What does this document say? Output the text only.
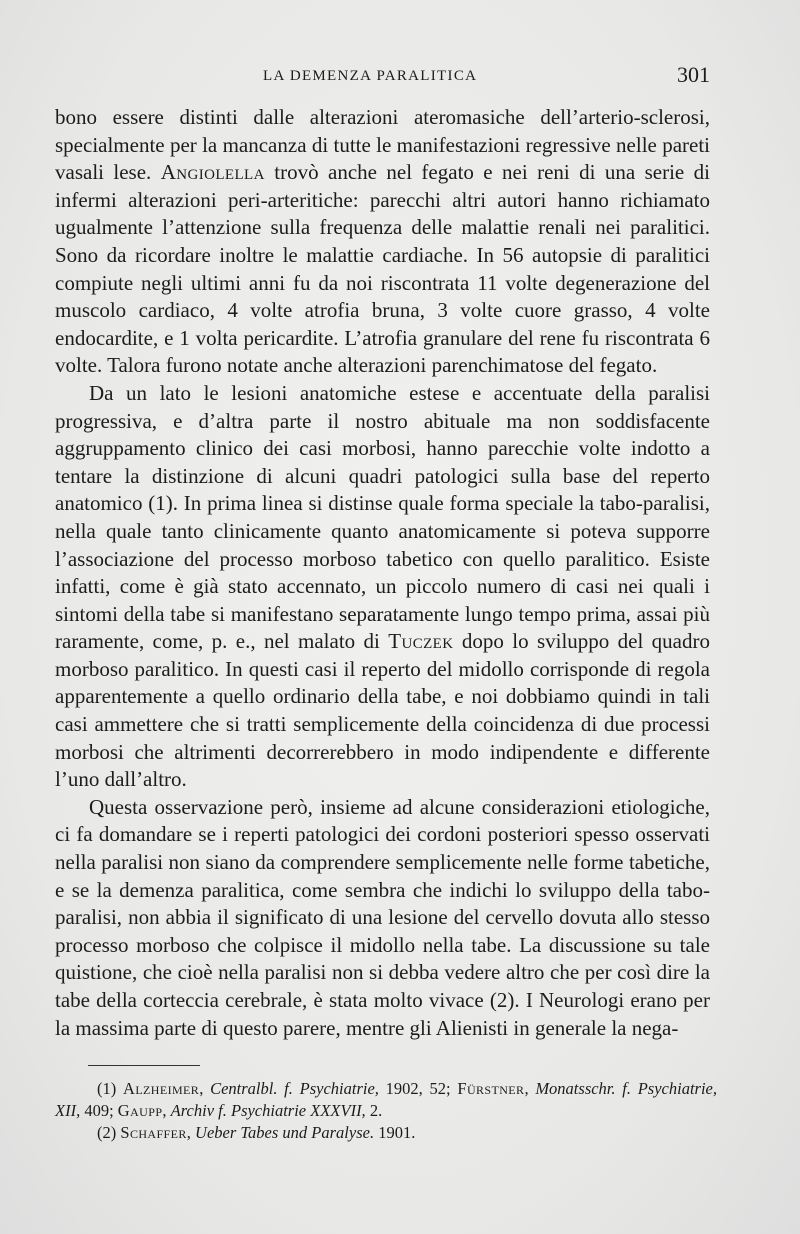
LA DEMENZA PARALITICA	301

bono essere distinti dalle alterazioni ateromasiche dell’arterio-sclerosi, specialmente per la mancanza di tutte le manifestazioni regressive nelle pareti vasali lese. Angiolella trovò anche nel fegato e nei reni di una serie di infermi alterazioni peri-arteritiche: parecchi altri autori hanno richiamato ugualmente l’attenzione sulla frequenza delle malattie renali nei paralitici. Sono da ricordare inoltre le malattie cardiache. In 56 autopsie di paralitici compiute negli ultimi anni fu da noi riscontrata 11 volte degenerazione del muscolo cardiaco, 4 volte atrofia bruna, 3 volte cuore grasso, 4 volte endocardite, e 1 volta pericardite. L’atrofia granulare del rene fu riscontrata 6 volte. Talora furono notate anche alterazioni parenchimatose del fegato.

Da un lato le lesioni anatomiche estese e accentuate della paralisi progressiva, e d’altra parte il nostro abituale ma non soddisfacente aggruppamento clinico dei casi morbosi, hanno parecchie volte indotto a tentare la distinzione di alcuni quadri patologici sulla base del reperto anatomico (1). In prima linea si distinse quale forma speciale la tabo-paralisi, nella quale tanto clinicamente quanto anatomicamente si poteva supporre l’associazione del processo morboso tabetico con quello paralitico. Esiste infatti, come è già stato accennato, un piccolo numero di casi nei quali i sintomi della tabe si manifestano separatamente lungo tempo prima, assai più raramente, come, p. e., nel malato di Tuczek dopo lo sviluppo del quadro morboso paralitico. In questi casi il reperto del midollo corrisponde di regola apparentemente a quello ordinario della tabe, e noi dobbiamo quindi in tali casi ammettere che si tratti semplicemente della coincidenza di due processi morbosi che altrimenti decorrerebbero in modo indipendente e differente l’uno dall’altro.

Questa osservazione però, insieme ad alcune considerazioni etiologiche, ci fa domandare se i reperti patologici dei cordoni posteriori spesso osservati nella paralisi non siano da comprendere semplicemente nelle forme tabetiche, e se la demenza paralitica, come sembra che indichi lo sviluppo della tabo-paralisi, non abbia il significato di una lesione del cervello dovuta allo stesso processo morboso che colpisce il midollo nella tabe. La discussione su tale quistione, che cioè nella paralisi non si debba vedere altro che per così dire la tabe della corteccia cerebrale, è stata molto vivace (2). I Neurologi erano per la massima parte di questo parere, mentre gli Alienisti in generale la nega-

(1) Alzheimer, Centralbl. f. Psychiatrie, 1902, 52; Fürstner, Monatsschr. f. Psychiatrie, XII, 409; Gaupp, Archiv f. Psychiatrie XXXVII, 2.

(2) Schaffer, Ueber Tabes und Paralyse. 1901.
